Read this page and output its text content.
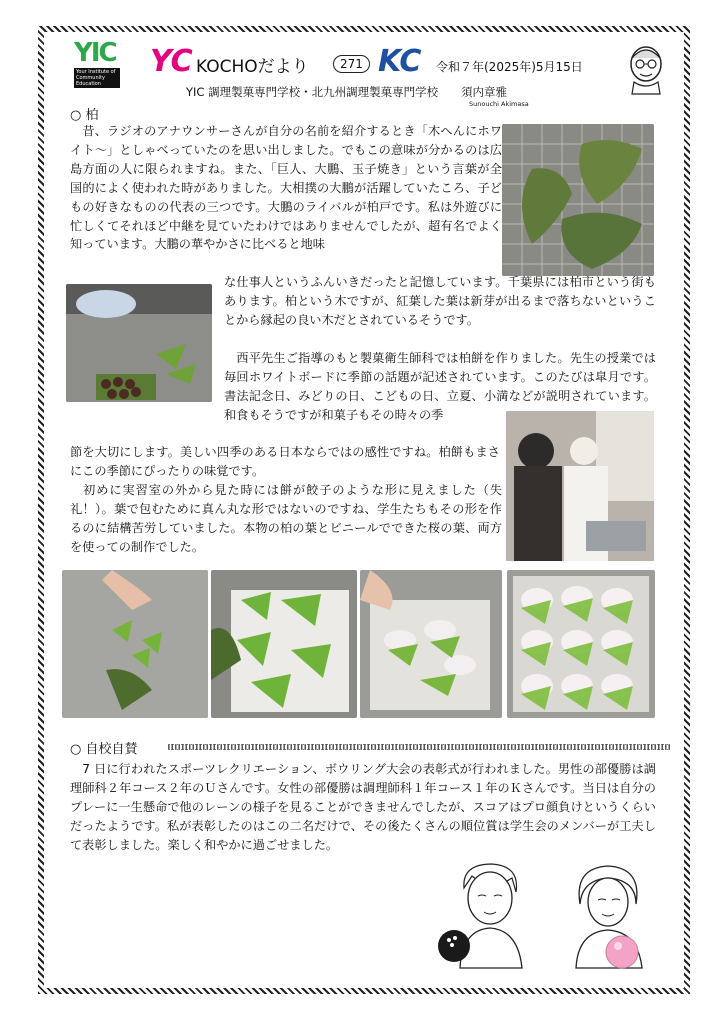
YIC
Your Institute of Community Education
YC KOCHOだより	271 KC 令和７年(2025年)5月15日
YIC 調理製菓専門学校・北九州調理製菓専門学校 須内章雅
Sunouchi Akimasa
○ 柏

　昔、ラジオのアナウンサーさんが自分の名前を紹介するとき「木へんにホワイト～」としゃべっていたのを思い出しました。でもこの意味が分かるのは広島方面の人に限られますね。また、「巨人、大鵬、玉子焼き」という言葉が全国的によく使われた時がありました。大相撲の大鵬が活躍していたころ、子どもの好きなものの代表の三つです。大鵬のライバルが柏戸です。私は外遊びに忙しくてそれほど中継を見ていたわけではありませんでしたが、超有名でよく知っています。大鵬の華やかさに比べると地味

な仕事人というふんいきだったと記憶しています。千葉県には柏市という街もあります。柏という木ですが、紅葉した葉は新芽が出るまで落ちないということから縁起の良い木だとされているそうです。

　西平先生ご指導のもと製菓衛生師科では柏餅を作りました。先生の授業では毎回ホワイトボードに季節の話題が記述されています。このたびは皐月です。書法記念日、みどりの日、こどもの日、立夏、小満などが説明されています。和食もそうですが和菓子もその時々の季

節を大切にします。美しい四季のある日本ならではの感性ですね。柏餅もまさにこの季節にぴったりの味覚です。

　初めに実習室の外から見た時には餅が餃子のような形に見えました（失礼！）。葉で包むために真ん丸な形ではないのですね、学生たちもその形を作るのに結構苦労していました。本物の柏の葉とビニールでできた桜の葉、両方を使っての制作でした。

○ 自校自賛

　7 日に行われたスポーツレクリエーション、ボウリング大会の表彰式が行われました。男性の部優勝は調理師科２年コース２年のＵさんです。女性の部優勝は調理師科１年コース１年のＫさんです。当日は自分のプレーに一生懸命で他のレーンの様子を見ることができませんでしたが、スコアはプロ顔負けというくらいだったようです。私が表彰したのはこの二名だけで、その後たくさんの順位賞は学生会のメンバーが工夫して表彰しました。楽しく和やかに過ごせました。
